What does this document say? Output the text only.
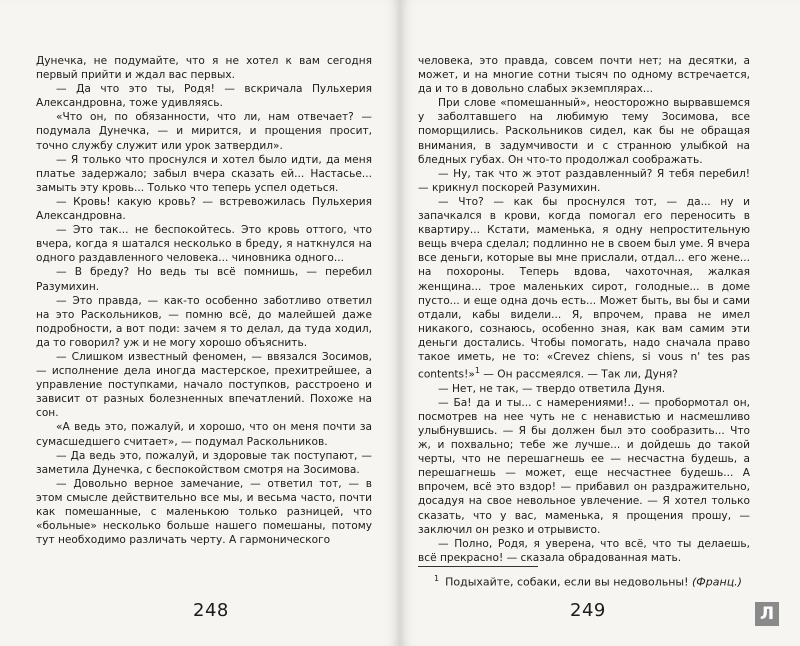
Дунечка, не подумайте, что я не хотел к вам сегодня первый прийти и ждал вас первых.

— Да что это ты, Родя! — вскричала Пульхерия Александровна, тоже удивляясь.

«Что он, по обязанности, что ли, нам отвечает? — подумала Дунечка, — и мирится, и прощения просит, точно службу служит или урок затвердил».

— Я только что проснулся и хотел было идти, да меня платье задержало; забыл вчера сказать ей... Настасье... замыть эту кровь... Только что теперь успел одеться.

— Кровь! какую кровь? — встревожилась Пульхерия Александровна.

— Это так... не беспокойтесь. Это кровь оттого, что вчера, когда я шатался несколько в бреду, я наткнулся на одного раздавленного человека... чиновника одного...

— В бреду? Но ведь ты всё помнишь, — перебил Разумихин.

— Это правда, — как-то особенно заботливо ответил на это Раскольников, — помню всё, до малейшей даже подробности, а вот поди: зачем я то делал, да туда ходил, да то говорил? уж и не могу хорошо объяснить.

— Слишком известный феномен, — ввязался Зосимов, — исполнение дела иногда мастерское, прехитрейшее, а управление поступками, начало поступков, расстроено и зависит от разных болезненных впечатлений. Похоже на сон.

«А ведь это, пожалуй, и хорошо, что он меня почти за сумасшедшего считает», — подумал Раскольников.

— Да ведь это, пожалуй, и здоровые так поступают, — заметила Дунечка, с беспокойством смотря на Зосимова.

— Довольно верное замечание, — ответил тот, — в этом смысле действительно все мы, и весьма часто, почти как помешанные, с маленькою только разницей, что «больные» несколько больше нашего помешаны, потому тут необходимо различать черту. А гармонического

248

человека, это правда, совсем почти нет; на десятки, а может, и на многие сотни тысяч по одному встречается, да и то в довольно слабых экземплярах...

При слове «помешанный», неосторожно вырвавшемся у заболтавшего на любимую тему Зосимова, все поморщились. Раскольников сидел, как бы не обращая внимания, в задумчивости и с странною улыбкой на бледных губах. Он что-то продолжал соображать.

— Ну, так что ж этот раздавленный? Я тебя перебил! — крикнул поскорей Разумихин.

— Что? — как бы проснулся тот, — да... ну и запачкался в крови, когда помогал его переносить в квартиру... Кстати, маменька, я одну непростительную вещь вчера сделал; подлинно не в своем был уме. Я вчера все деньги, которые вы мне прислали, отдал... его жене... на похороны. Теперь вдова, чахоточная, жалкая женщина... трое маленьких сирот, голодные... в доме пусто... и еще одна дочь есть... Может быть, вы бы и сами отдали, кабы видели... Я, впрочем, права не имел никакого, сознаюсь, особенно зная, как вам самим эти деньги достались. Чтобы помогать, надо сначала право такое иметь, не то: «Crevez chiens, si vous n' tes pas contents!»$^1$ — Он рассмеялся. — Так ли, Дуня?

— Нет, не так, — твердо ответила Дуня.

— Ба! да и ты... с намерениями!.. — пробормотал он, посмотрев на нее чуть не с ненавистью и насмешливо улыбнувшись. — Я бы должен был это сообразить... Что ж, и похвально; тебе же лучше... и дойдешь до такой черты, что не перешагнешь ее — несчастна будешь, а перешагнешь — может, еще несчастнее будешь... А впрочем, всё это вздор! — прибавил он раздражительно, досадуя на свое невольное увлечение. — Я хотел только сказать, что у вас, маменька, я прощения прошу, — заключил он резко и отрывисто.

— Полно, Родя, я уверена, что всё, что ты делаешь, всё прекрасно! — сказала обрадованная мать.

$^1$ Подыхайте, собаки, если вы недовольны! (Франц.)
249	Л
